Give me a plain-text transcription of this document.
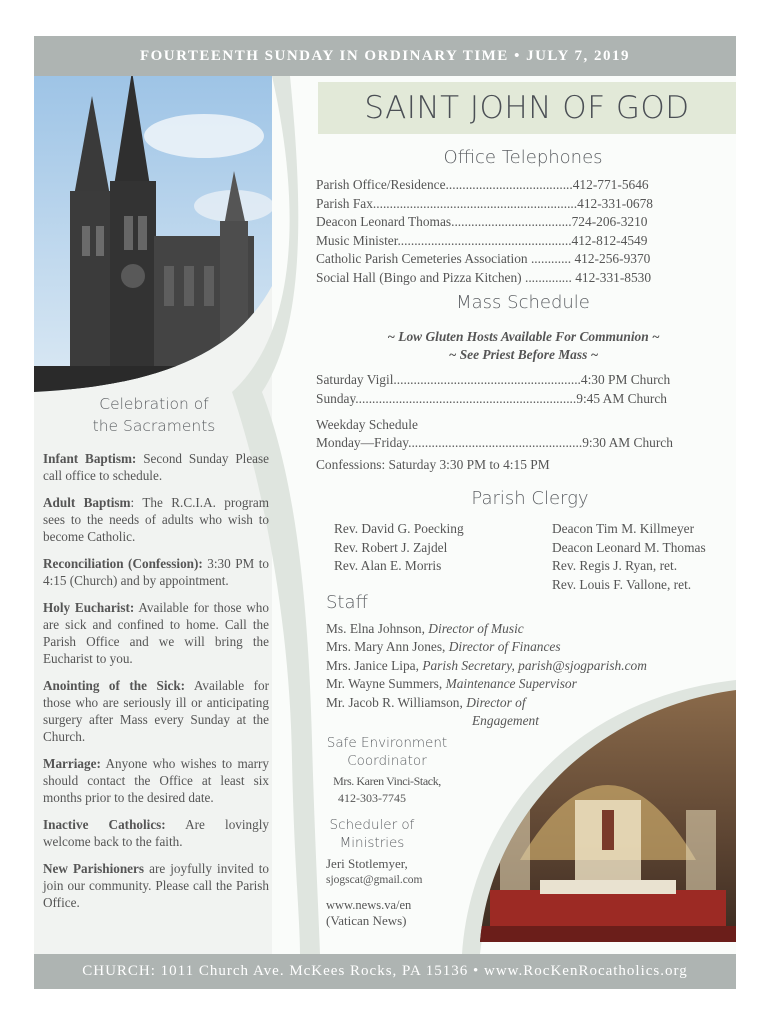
FOURTEENTH SUNDAY IN ORDINARY TIME • JULY 7, 2019
SAINT JOHN OF GOD
Office Telephones
Parish Office/Residence......................................412-771-5646
Parish Fax.............................................................412-331-0678
Deacon Leonard Thomas....................................724-206-3210
Music Minister....................................................412-812-4549
Catholic Parish Cemeteries Association ............ 412-256-9370
Social Hall (Bingo and Pizza Kitchen) .............. 412-331-8530
Mass Schedule
~ Low Gluten Hosts Available For Communion ~
~ See Priest Before Mass ~
Saturday Vigil........................................................4:30 PM Church
Sunday..................................................................9:45 AM Church
Weekday Schedule
Monday—Friday....................................................9:30 AM Church
Confessions: Saturday 3:30 PM to 4:15 PM
Parish Clergy
Rev. David G. Poecking
Rev. Robert J. Zajdel
Rev. Alan E. Morris
Deacon Tim M. Killmeyer
Deacon Leonard M. Thomas
Rev. Regis J. Ryan, ret.
Rev. Louis F. Vallone, ret.
Staff
Ms. Elna Johnson, Director of Music
Mrs. Mary Ann Jones, Director of Finances
Mrs. Janice Lipa, Parish Secretary, parish@sjogparish.com
Mr. Wayne Summers, Maintenance Supervisor
Mr. Jacob R. Williamson, Director of
Engagement
Safe Environment
Coordinator
Mrs. Karen Vinci-Stack,
412-303-7745
Scheduler of
Ministries
Jeri Stotlemyer,
sjogscat@gmail.com
www.news.va/en
(Vatican News)
Celebration of
the Sacraments

Infant Baptism: Second Sunday Please call office to schedule.

Adult Baptism: The R.C.I.A. program sees to the needs of adults who wish to become Catholic.

Reconciliation (Confession): 3:30 PM to 4:15 (Church) and by appointment.

Holy Eucharist: Available for those who are sick and confined to home. Call the Parish Office and we will bring the Eucharist to you.

Anointing of the Sick: Available for those who are seriously ill or anticipating surgery after Mass every Sunday at the Church.

Marriage: Anyone who wishes to marry should contact the Office at least six months prior to the desired date.

Inactive Catholics: Are lovingly welcome back to the faith.

New Parishioners are joyfully invited to join our community. Please call the Parish Office.

CHURCH: 1011 Church Ave. McKees Rocks, PA 15136 • www.RocKenRocatholics.org
